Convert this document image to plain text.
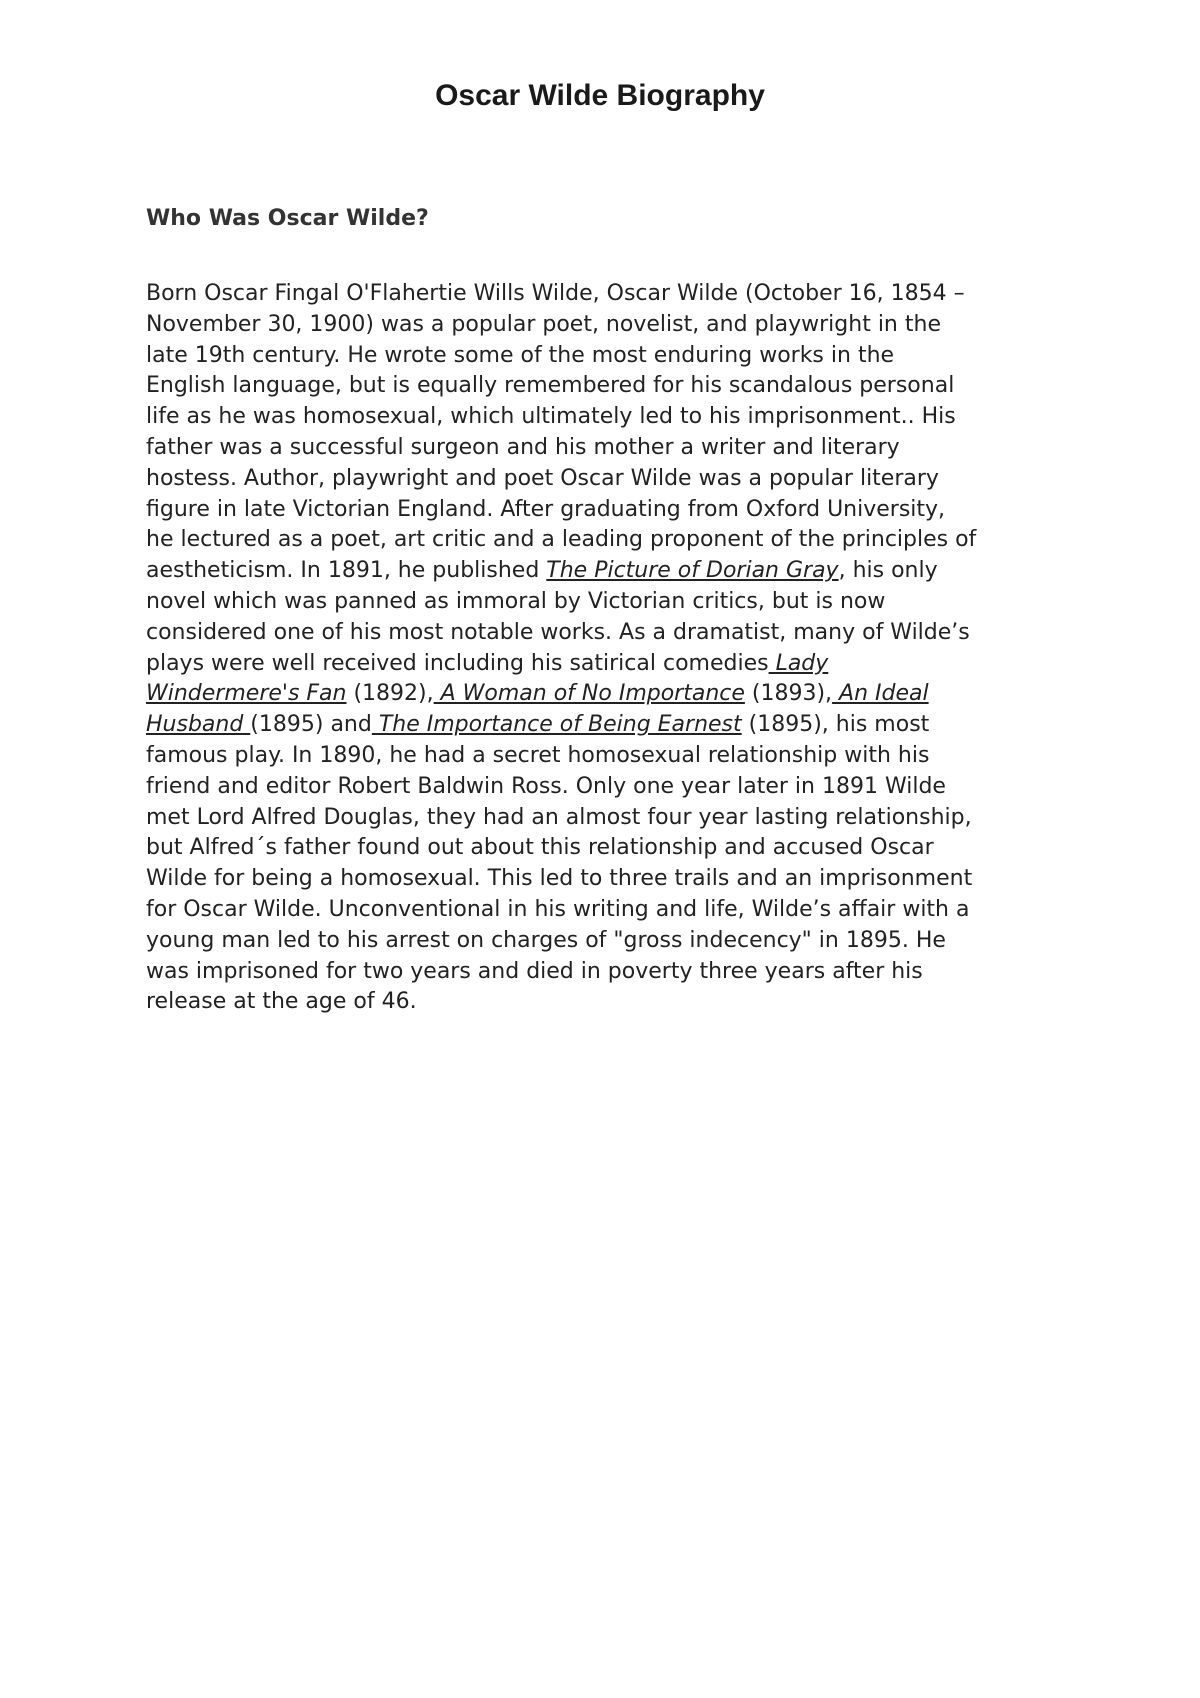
Oscar Wilde Biography
Who Was Oscar Wilde?

Born Oscar Fingal O'Flahertie Wills Wilde, Oscar Wilde (October 16, 1854 –
November 30, 1900) was a popular poet, novelist, and playwright in the
late 19th century. He wrote some of the most enduring works in the
English language, but is equally remembered for his scandalous personal
life as he was homosexual, which ultimately led to his imprisonment.. His
father was a successful surgeon and his mother a writer and literary
hostess. Author, playwright and poet Oscar Wilde was a popular literary
figure in late Victorian England. After graduating from Oxford University,
he lectured as a poet, art critic and a leading proponent of the principles of
aestheticism. In 1891, he published The Picture of Dorian Gray, his only
novel which was panned as immoral by Victorian critics, but is now
considered one of his most notable works. As a dramatist, many of Wilde’s
plays were well received including his satirical comedies Lady
Windermere's Fan (1892), A Woman of No Importance (1893), An Ideal
Husband (1895) and The Importance of Being Earnest (1895), his most
famous play. In 1890, he had a secret homosexual relationship with his
friend and editor Robert Baldwin Ross. Only one year later in 1891 Wilde
met Lord Alfred Douglas, they had an almost four year lasting relationship,
but Alfred´s father found out about this relationship and accused Oscar
Wilde for being a homosexual. This led to three trails and an imprisonment
for Oscar Wilde. Unconventional in his writing and life, Wilde’s affair with a
young man led to his arrest on charges of "gross indecency" in 1895. He
was imprisoned for two years and died in poverty three years after his
release at the age of 46.
